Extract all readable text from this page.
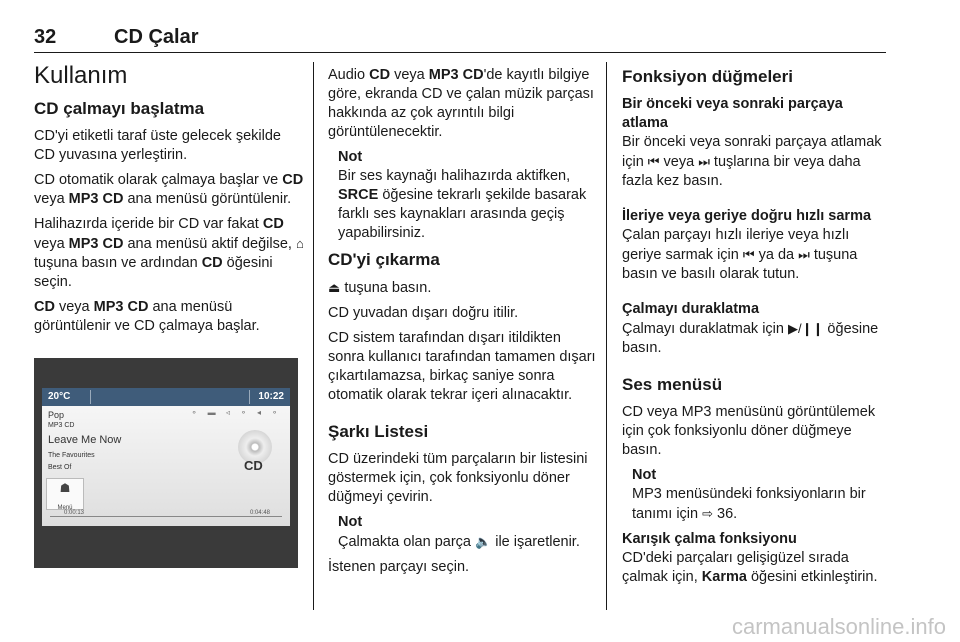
32	CD Çalar
Kullanım
CD çalmayı başlatma

CD'yi etiketli taraf üste gelecek şekilde CD yuvasına yerleştirin.

CD otomatik olarak çalmaya başlar ve CD veya MP3 CD ana menüsü görüntülenir.

Halihazırda içeride bir CD var fakat CD veya MP3 CD ana menüsü aktif değilse, ⌂ tuşuna basın ve ardından CD öğesini seçin.

CD veya MP3 CD ana menüsü görüntülenir ve CD çalmaya başlar.

20°C	10:22
⚬ ▬ ◃ ⚬ ◂ ⚬
Pop
MP3 CD
Leave Me Now
The Favourites
Best Of	CD
☗
Menü
0:00:13	0:04:48

Audio CD veya MP3 CD'de kayıtlı bilgiye göre, ekranda CD ve çalan müzik parçası hakkında az çok ayrıntılı bilgi görüntülenecektir.

Not

Bir ses kaynağı halihazırda aktifken, SRCE öğesine tekrarlı şekilde basarak farklı ses kaynakları arasında geçiş yapabilirsiniz.

CD'yi çıkarma

⏏ tuşuna basın.

CD yuvadan dışarı doğru itilir.

CD sistem tarafından dışarı itildikten sonra kullanıcı tarafından tamamen dışarı çıkartılamazsa, birkaç saniye sonra otomatik olarak tekrar içeri alınacaktır.

Şarkı Listesi

CD üzerindeki tüm parçaların bir listesini göstermek için, çok fonksiyonlu döner düğmeyi çevirin.

Not

Çalmakta olan parça 🔈 ile işaretlenir.

İstenen parçayı seçin.

Fonksiyon düğmeleri
Bir önceki veya sonraki parçaya atlama

Bir önceki veya sonraki parçaya atlamak için ⏮ veya ⏭ tuşlarına bir veya daha fazla kez basın.

İleriye veya geriye doğru hızlı sarma

Çalan parçayı hızlı ileriye veya hızlı geriye sarmak için ⏮ ya da ⏭ tuşuna basın ve basılı olarak tutun.

Çalmayı duraklatma

Çalmayı duraklatmak için ▶/❙❙ öğesine basın.

Ses menüsü

CD veya MP3 menüsünü görüntülemek için çok fonksiyonlu döner düğmeye basın.

Not

MP3 menüsündeki fonksiyonların bir tanımı için ⇨ 36.

Karışık çalma fonksiyonu

CD'deki parçaları gelişigüzel sırada çalmak için, Karma öğesini etkinleştirin.

carmanualsonline.info
